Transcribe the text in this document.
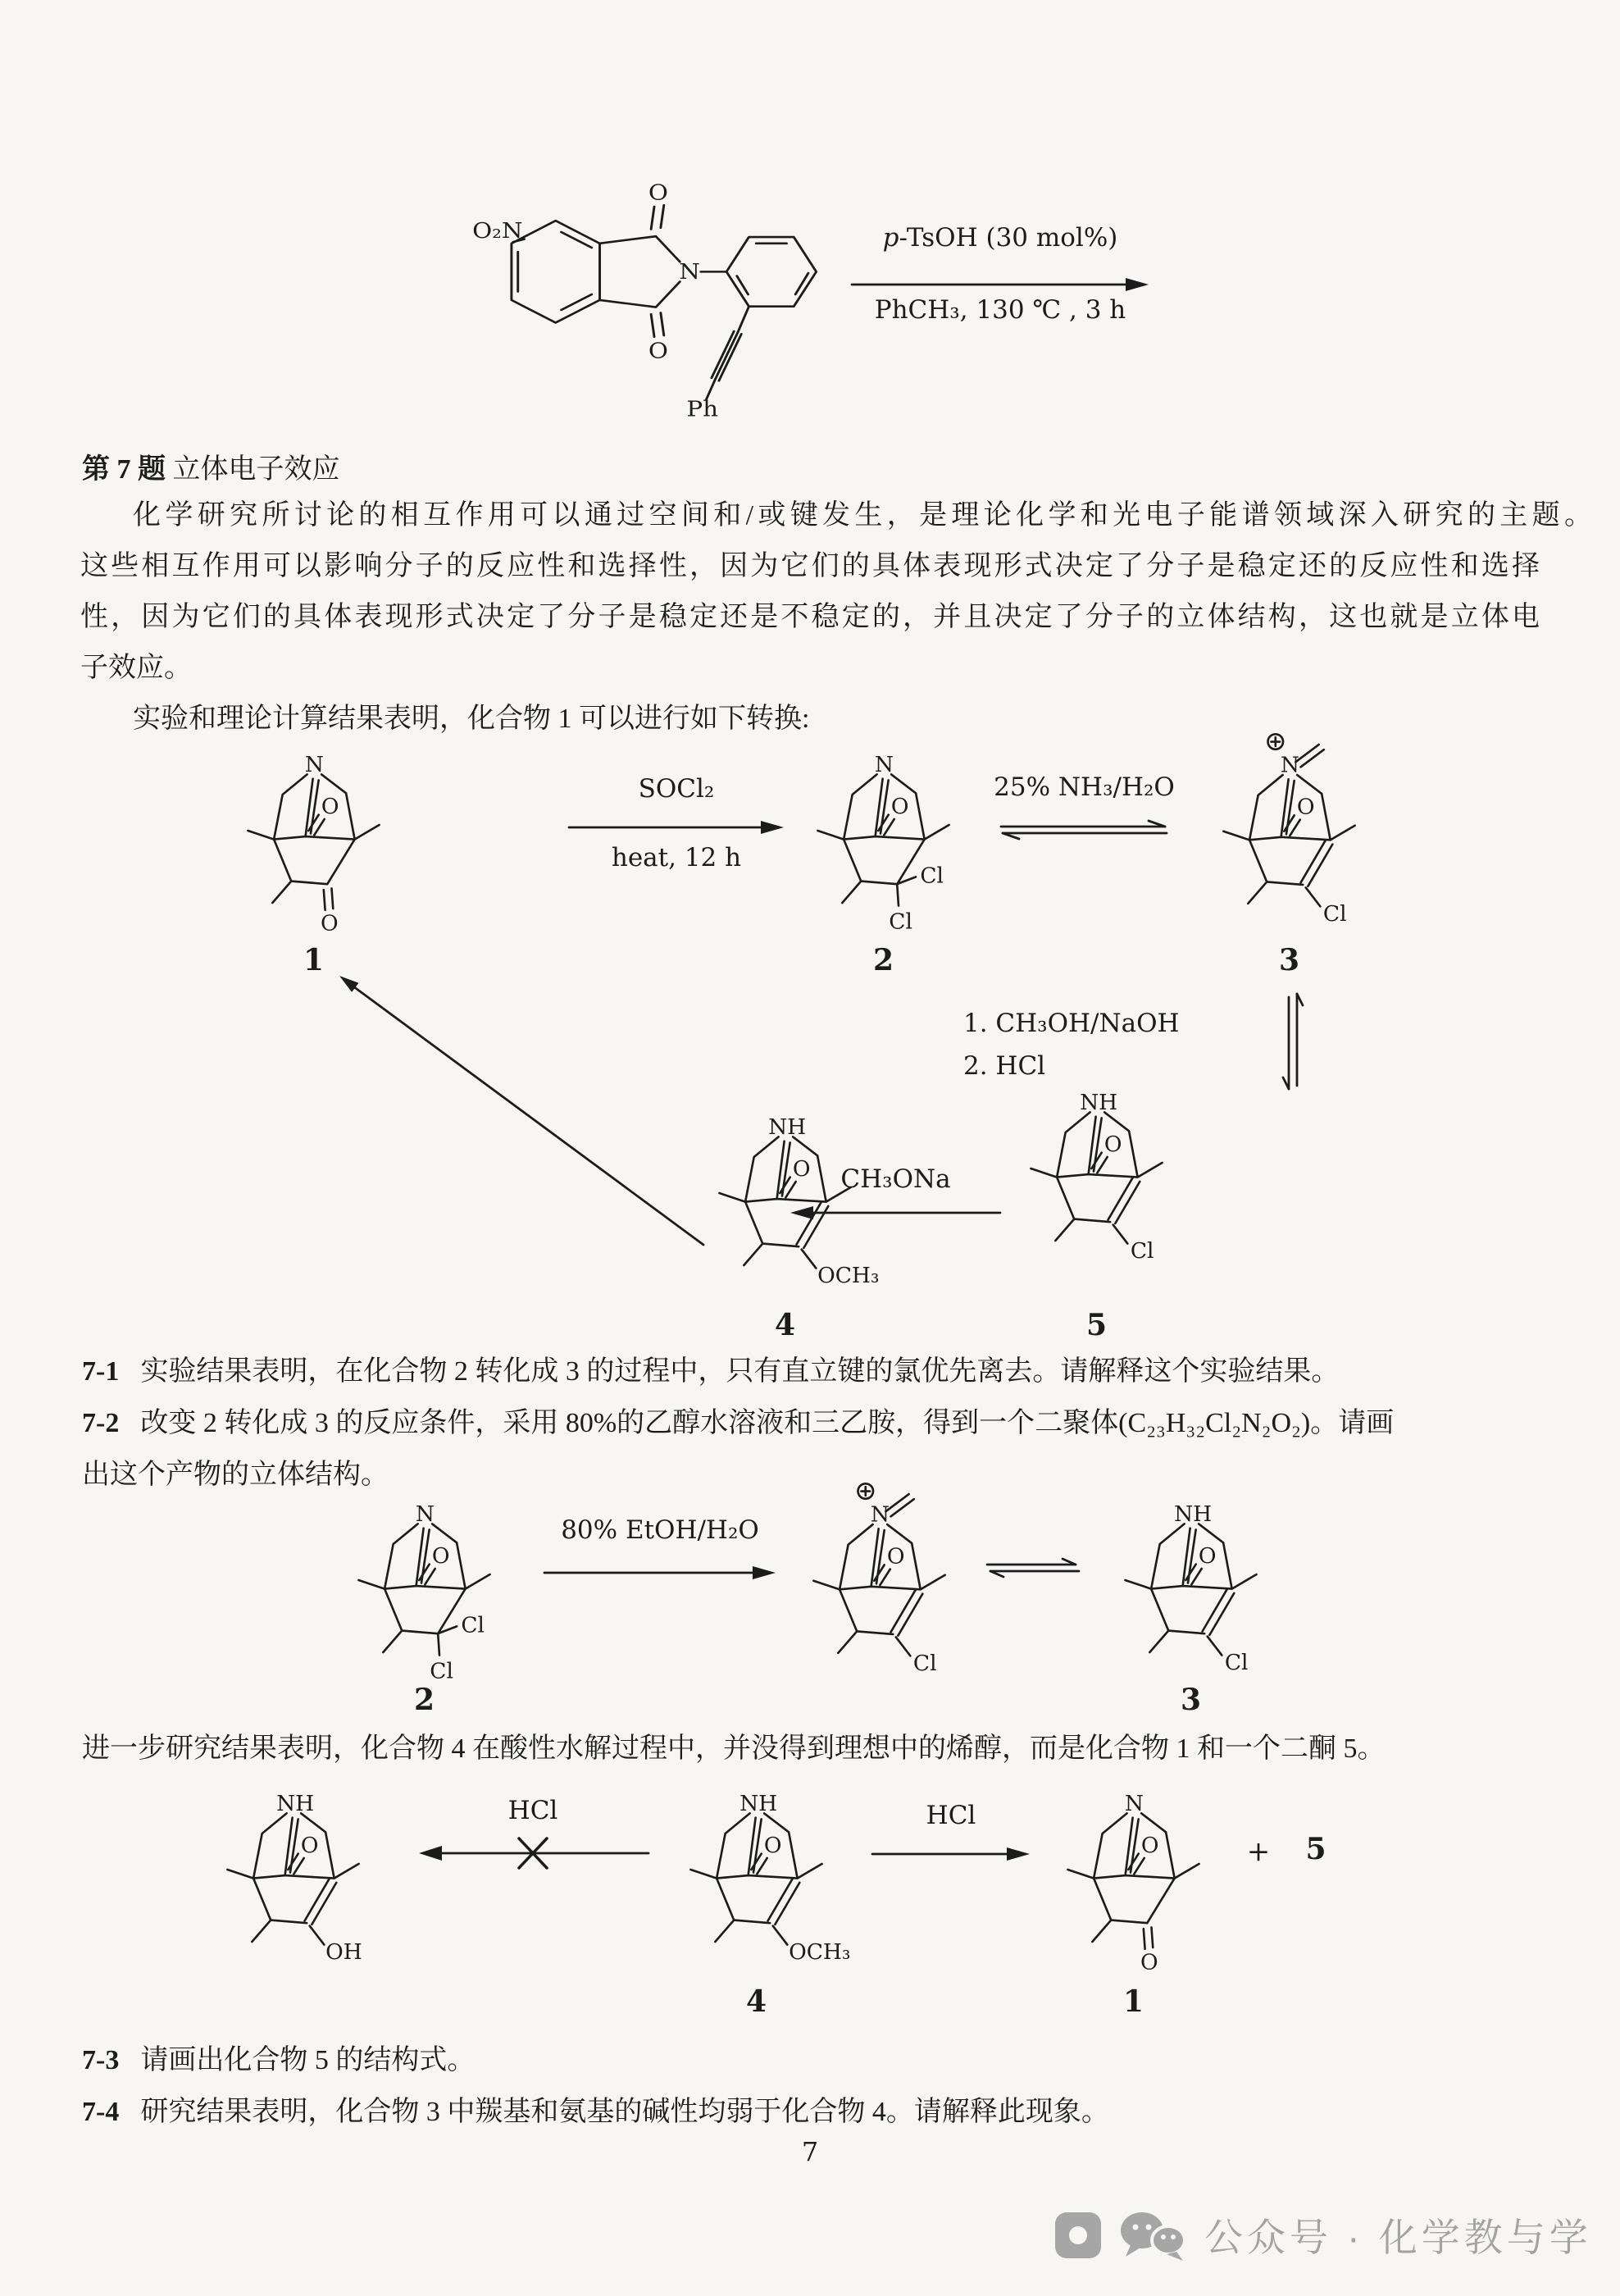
O₂N
O
O
N
Ph
p-TsOH (30 mol%)
PhCH₃, 130 ℃ , 3 h
第 7 题 立体电子效应
化学研究所讨论的相互作用可以通过空间和/或键发生，是理论化学和光电子能谱领域深入研究的主题。
这些相互作用可以影响分子的反应性和选择性，因为它们的具体表现形式决定了分子是稳定还的反应性和选择
性，因为它们的具体表现形式决定了分子是稳定还是不稳定的，并且决定了分子的立体结构，这也就是立体电
子效应。
实验和理论计算结果表明，化合物 1 可以进行如下转换:
N
O
O
1
SOCl₂
heat, 12 h
N
O
Cl
Cl
2
25% NH₃/H₂O
N
O
Cl
3
1. CH₃OH/NaOH
2. HCl
NH
O
OCH₃
4
CH₃ONa
NH
O
Cl
5
7-1 实验结果表明，在化合物 2 转化成 3 的过程中，只有直立键的氯优先离去。请解释这个实验结果。
7-2 改变 2 转化成 3 的反应条件，采用 80%的乙醇水溶液和三乙胺，得到一个二聚体(C₂₃H₃₂Cl₂N₂O₂)。请画
出这个产物的立体结构。
N
O
Cl
Cl
2
80% EtOH/H₂O
N
O
Cl
NH
O
Cl
3
进一步研究结果表明，化合物 4 在酸性水解过程中，并没得到理想中的烯醇，而是化合物 1 和一个二酮 5。
NH
O
OH
HCl	NH
O
OCH₃
4
HCl	N
O
O
1
+	5
7-3 请画出化合物 5 的结构式。
7-4 研究结果表明，化合物 3 中羰基和氨基的碱性均弱于化合物 4。请解释此现象。
7
公众号 · 化学教与学
